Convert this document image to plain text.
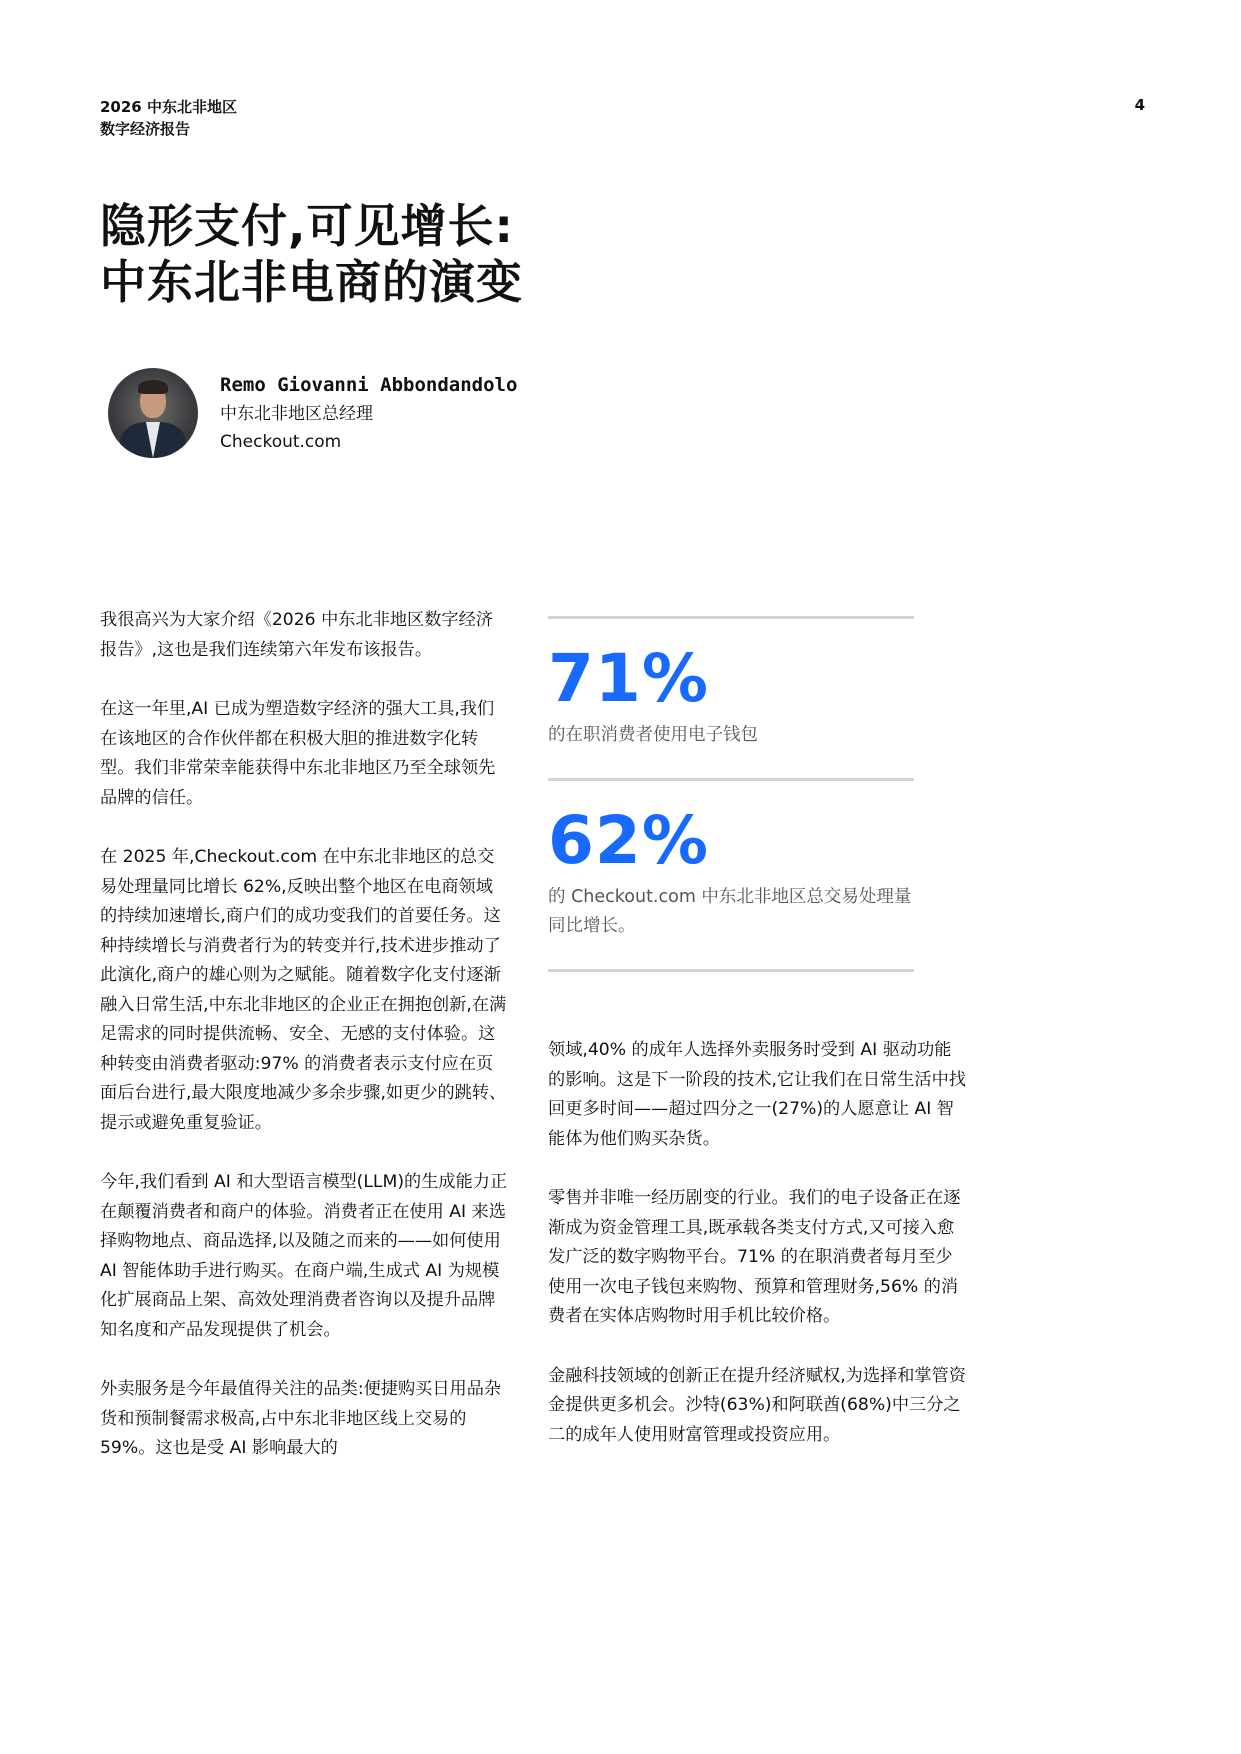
2026 中东北非地区
数字经济报告
4
隐形支付,可见增长:
中东北非电商的演变
Remo Giovanni Abbondandolo
中东北非地区总经理
Checkout.com

我很高兴为大家介绍《2026 中东北非地区数字经济报告》,这也是我们连续第六年发布该报告。

在这一年里,AI 已成为塑造数字经济的强大工具,我们在该地区的合作伙伴都在积极大胆的推进数字化转型。我们非常荣幸能获得中东北非地区乃至全球领先品牌的信任。

在 2025 年,Checkout.com 在中东北非地区的总交易处理量同比增长 62%,反映出整个地区在电商领域的持续加速增长,商户们的成功变我们的首要任务。这种持续增长与消费者行为的转变并行,技术进步推动了此演化,商户的雄心则为之赋能。随着数字化支付逐渐融入日常生活,中东北非地区的企业正在拥抱创新,在满足需求的同时提供流畅、安全、无感的支付体验。这种转变由消费者驱动:97% 的消费者表示支付应在页面后台进行,最大限度地减少多余步骤,如更少的跳转、提示或避免重复验证。

今年,我们看到 AI 和大型语言模型(LLM)的生成能力正在颠覆消费者和商户的体验。消费者正在使用 AI 来选择购物地点、商品选择,以及随之而来的——如何使用 AI 智能体助手进行购买。在商户端,生成式 AI 为规模化扩展商品上架、高效处理消费者咨询以及提升品牌知名度和产品发现提供了机会。

外卖服务是今年最值得关注的品类:便捷购买日用品杂货和预制餐需求极高,占中东北非地区线上交易的 59%。这也是受 AI 影响最大的

71%
的在职消费者使用电子钱包
62%
的 Checkout.com 中东北非地区总交易处理量同比增长。

领域,40% 的成年人选择外卖服务时受到 AI 驱动功能的影响。这是下一阶段的技术,它让我们在日常生活中找回更多时间——超过四分之一(27%)的人愿意让 AI 智能体为他们购买杂货。

零售并非唯一经历剧变的行业。我们的电子设备正在逐渐成为资金管理工具,既承载各类支付方式,又可接入愈发广泛的数字购物平台。71% 的在职消费者每月至少使用一次电子钱包来购物、预算和管理财务,56% 的消费者在实体店购物时用手机比较价格。

金融科技领域的创新正在提升经济赋权,为选择和掌管资金提供更多机会。沙特(63%)和阿联酋(68%)中三分之二的成年人使用财富管理或投资应用。
